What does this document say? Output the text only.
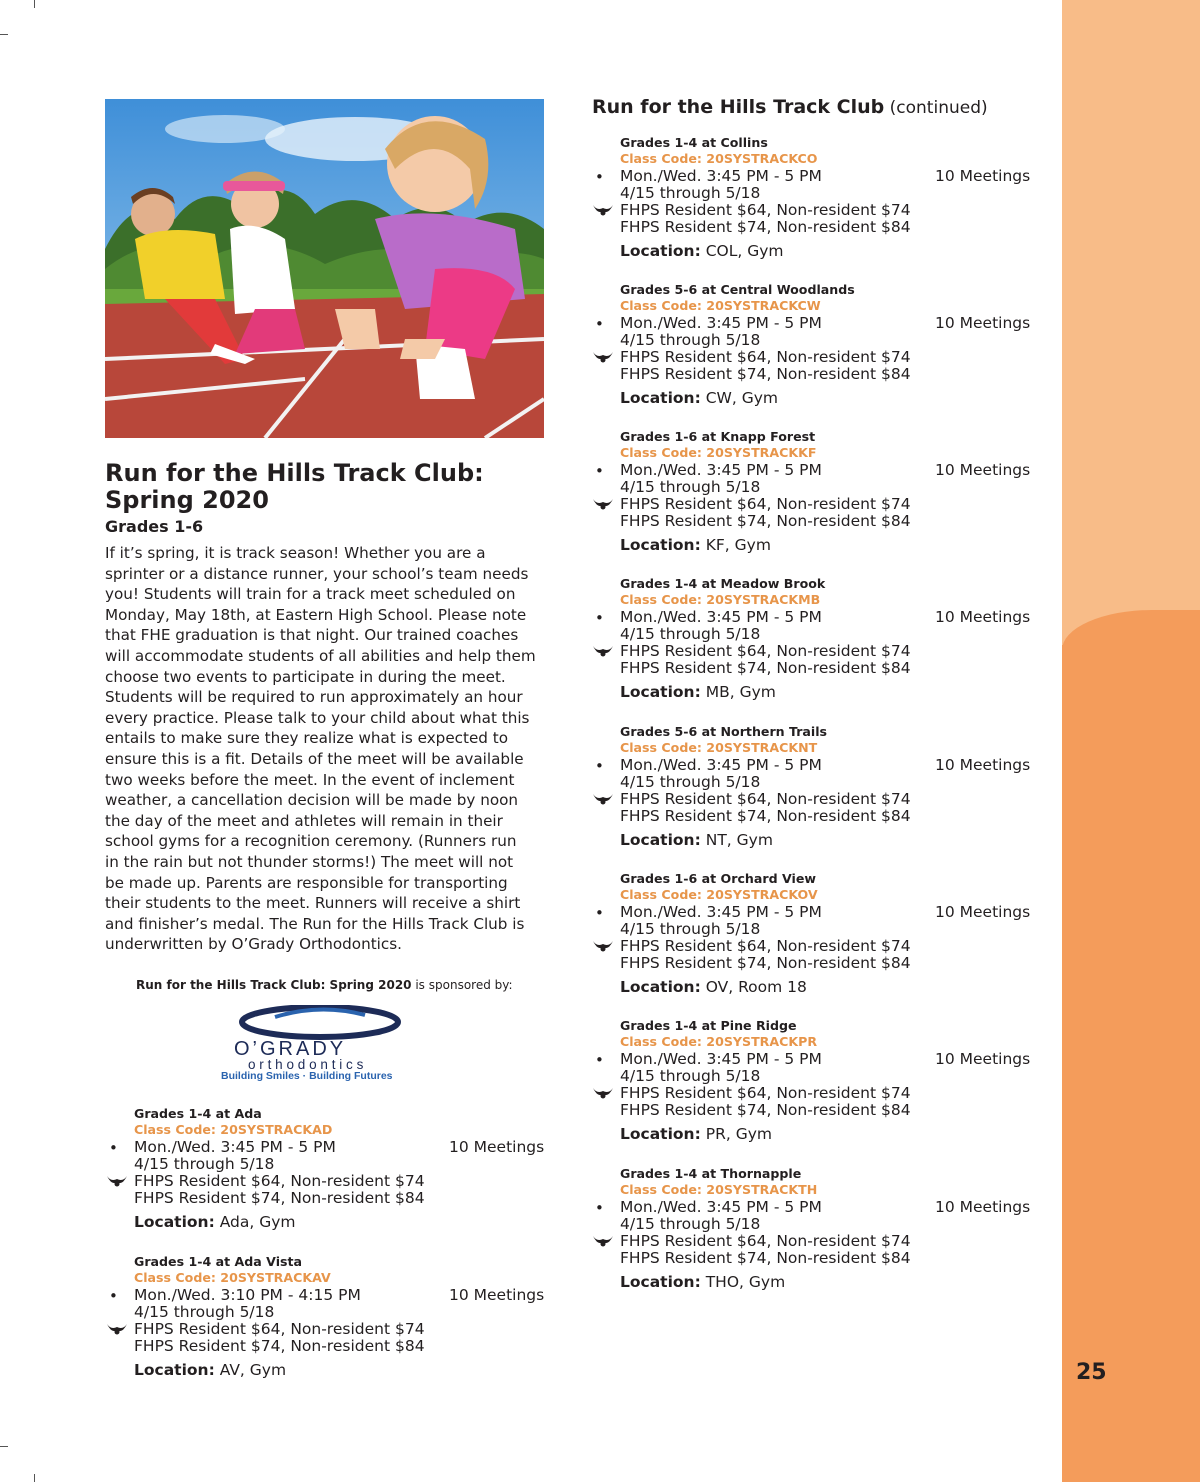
25
Run for the Hills Track Club:
Spring 2020
Grades 1-6

If it’s spring, it is track season! Whether you are a
sprinter or a distance runner, your school’s team needs
you! Students will train for a track meet scheduled on
Monday, May 18th, at Eastern High School. Please note
that FHE graduation is that night. Our trained coaches
will accommodate students of all abilities and help them
choose two events to participate in during the meet.
Students will be required to run approximately an hour
every practice. Please talk to your child about what this
entails to make sure they realize what is expected to
ensure this is a fit. Details of the meet will be available
two weeks before the meet. In the event of inclement
weather, a cancellation decision will be made by noon
the day of the meet and athletes will remain in their
school gyms for a recognition ceremony. (Runners run
in the rain but not thunder storms!) The meet will not
be made up. Parents are responsible for transporting
their students to the meet. Runners will receive a shirt
and finisher’s medal. The Run for the Hills Track Club is
underwritten by O’Grady Orthodontics.

Run for the Hills Track Club: Spring 2020 is sponsored by:
O’GRADY
orthodontics
Building Smiles · Building Futures
Run for the Hills Track Club (continued)
Grades 1-4 at Ada
Class Code: 20SYSTRACKAD
• Mon./Wed. 3:45 PM - 5 PM	10 Meetings
4/15 through 5/18
FHPS Resident $64, Non-resident $74
FHPS Resident $74, Non-resident $84
Location: Ada, Gym
Grades 1-4 at Ada Vista
Class Code: 20SYSTRACKAV
• Mon./Wed. 3:10 PM - 4:15 PM	10 Meetings
4/15 through 5/18
FHPS Resident $64, Non-resident $74
FHPS Resident $74, Non-resident $84
Location: AV, Gym
Grades 1-4 at Collins
Class Code: 20SYSTRACKCO
• Mon./Wed. 3:45 PM - 5 PM	10 Meetings
4/15 through 5/18
FHPS Resident $64, Non-resident $74
FHPS Resident $74, Non-resident $84
Location: COL, Gym
Grades 5-6 at Central Woodlands
Class Code: 20SYSTRACKCW
• Mon./Wed. 3:45 PM - 5 PM	10 Meetings
4/15 through 5/18
FHPS Resident $64, Non-resident $74
FHPS Resident $74, Non-resident $84
Location: CW, Gym
Grades 1-6 at Knapp Forest
Class Code: 20SYSTRACKKF
• Mon./Wed. 3:45 PM - 5 PM	10 Meetings
4/15 through 5/18
FHPS Resident $64, Non-resident $74
FHPS Resident $74, Non-resident $84
Location: KF, Gym
Grades 1-4 at Meadow Brook
Class Code: 20SYSTRACKMB
• Mon./Wed. 3:45 PM - 5 PM	10 Meetings
4/15 through 5/18
FHPS Resident $64, Non-resident $74
FHPS Resident $74, Non-resident $84
Location: MB, Gym
Grades 5-6 at Northern Trails
Class Code: 20SYSTRACKNT
• Mon./Wed. 3:45 PM - 5 PM	10 Meetings
4/15 through 5/18
FHPS Resident $64, Non-resident $74
FHPS Resident $74, Non-resident $84
Location: NT, Gym
Grades 1-6 at Orchard View
Class Code: 20SYSTRACKOV
• Mon./Wed. 3:45 PM - 5 PM	10 Meetings
4/15 through 5/18
FHPS Resident $64, Non-resident $74
FHPS Resident $74, Non-resident $84
Location: OV, Room 18
Grades 1-4 at Pine Ridge
Class Code: 20SYSTRACKPR
• Mon./Wed. 3:45 PM - 5 PM	10 Meetings
4/15 through 5/18
FHPS Resident $64, Non-resident $74
FHPS Resident $74, Non-resident $84
Location: PR, Gym
Grades 1-4 at Thornapple
Class Code: 20SYSTRACKTH
• Mon./Wed. 3:45 PM - 5 PM	10 Meetings
4/15 through 5/18
FHPS Resident $64, Non-resident $74
FHPS Resident $74, Non-resident $84
Location: THO, Gym
